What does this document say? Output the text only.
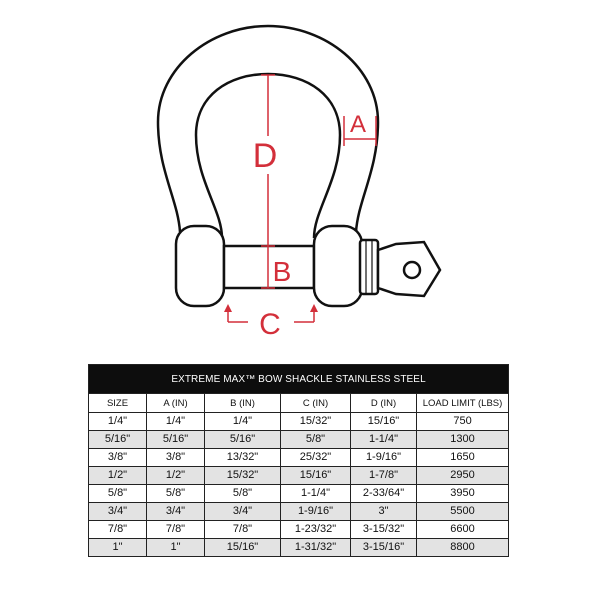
D
B
A
C
EXTREME MAX™ BOW SHACKLE STAINLESS STEEL					
SIZE	A (IN)	B (IN)	C (IN)	D (IN)	LOAD LIMIT (LBS)
1/4"	1/4"	1/4"	15/32"	15/16"	750
5/16"	5/16"	5/16"	5/8"	1-1/4"	1300
3/8"	3/8"	13/32"	25/32"	1-9/16"	1650
1/2"	1/2"	15/32"	15/16"	1-7/8"	2950
5/8"	5/8"	5/8"	1-1/4"	2-33/64"	3950
3/4"	3/4"	3/4"	1-9/16"	3"	5500
7/8"	7/8"	7/8"	1-23/32"	3-15/32"	6600
1"	1"	15/16"	1-31/32"	3-15/16"	8800
